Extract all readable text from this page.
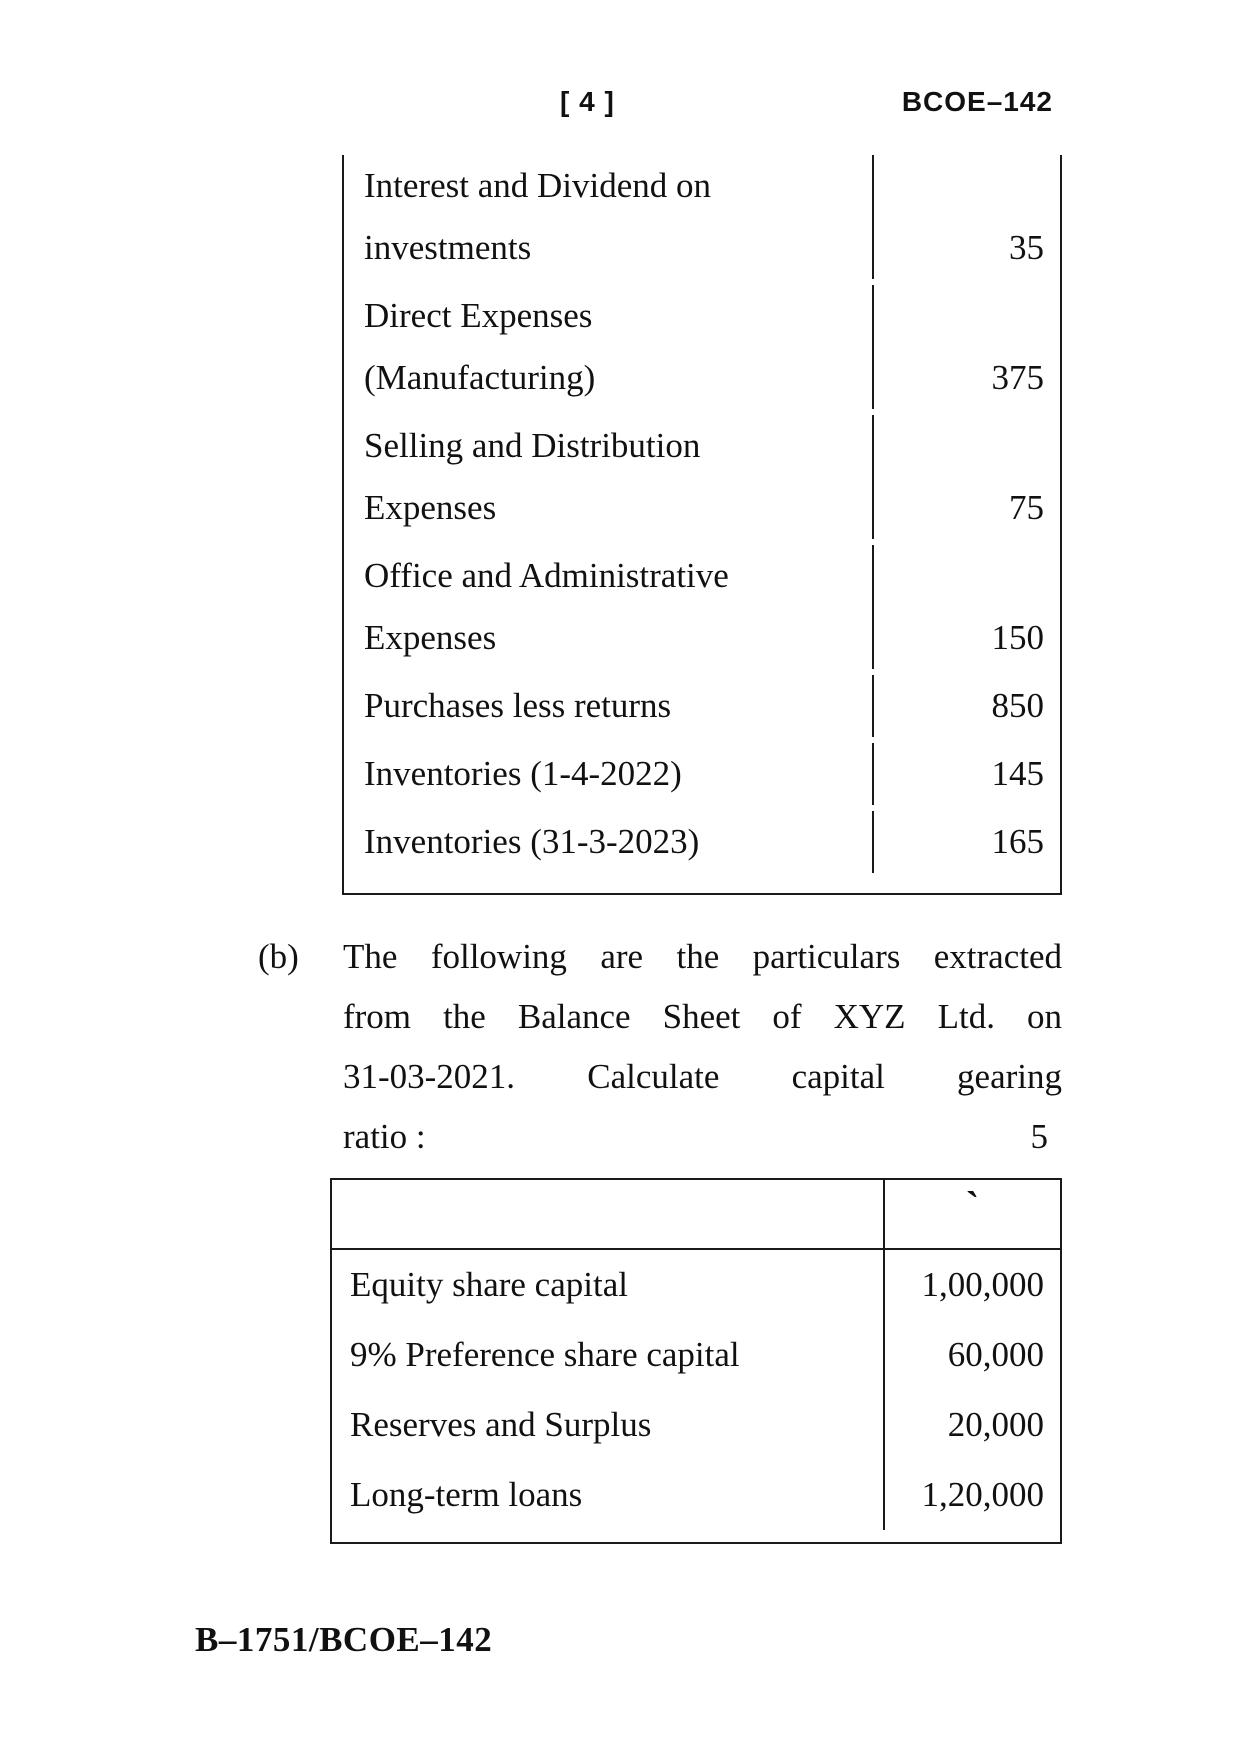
[ 4 ]	BCOE–142
Interest and Dividend on
investments	35
Direct Expenses
(Manufacturing)	375
Selling and Distribution
Expenses	75
Office and Administrative
Expenses	150
Purchases less returns	850
Inventories (1-4-2022)	145
Inventories (31-3-2023)	165
(b)	The following are the particulars extracted
from the Balance Sheet of XYZ Ltd. on
31-03-2021. Calculate capital gearing
ratio :	5
`
Equity share capital	1,00,000
9% Preference share capital	60,000
Reserves and Surplus	20,000
Long-term loans	1,20,000
B–1751/BCOE–142
